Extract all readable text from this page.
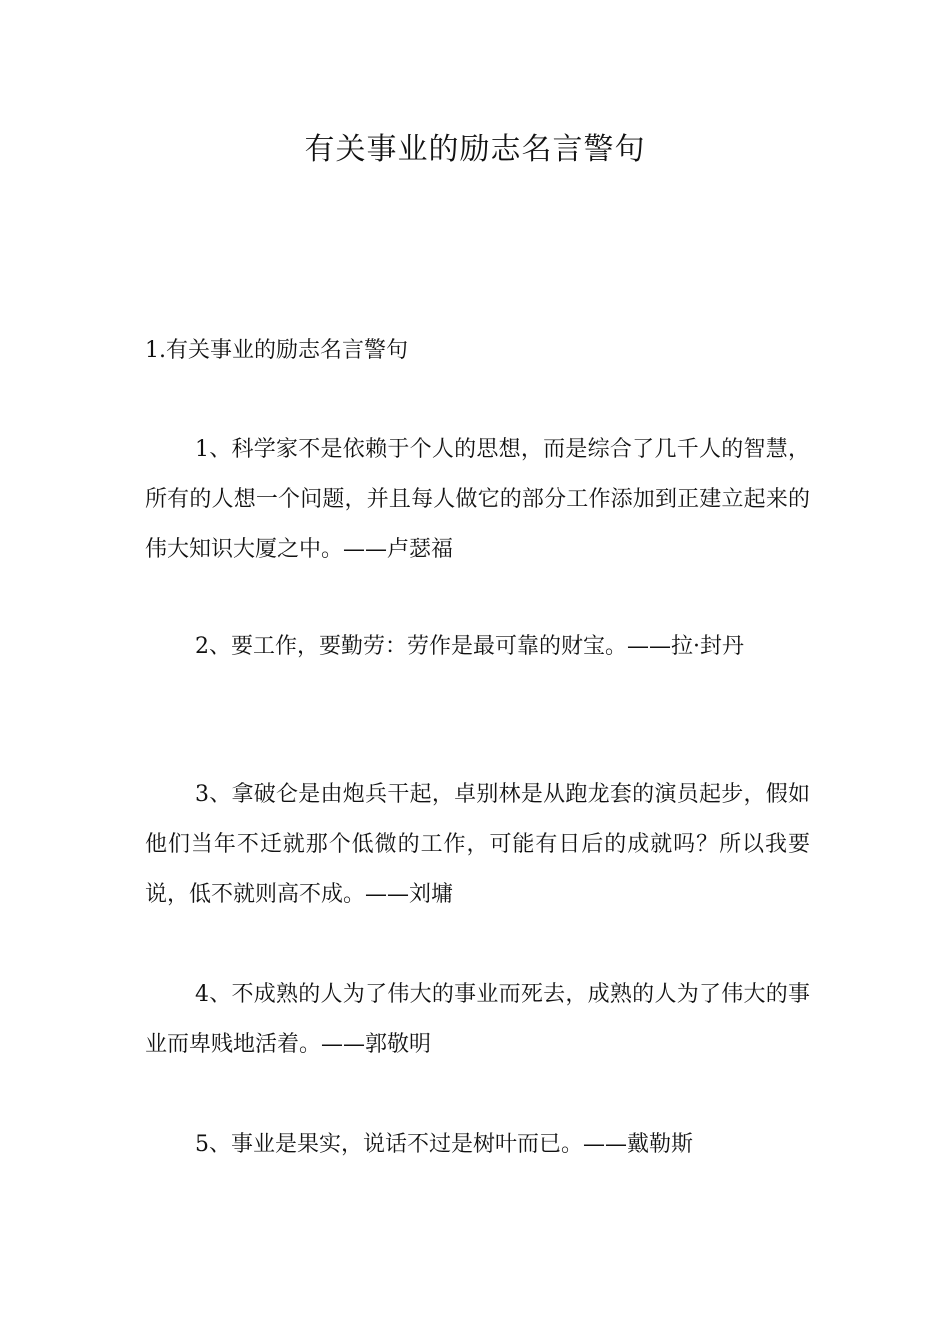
有关事业的励志名言警句
1.有关事业的励志名言警句

1、科学家不是依赖于个人的思想，而是综合了几千人的智慧，所有的人想一个问题，并且每人做它的部分工作添加到正建立起来的伟大知识大厦之中。——卢瑟福

2、要工作，要勤劳：劳作是最可靠的财宝。——拉·封丹

3、拿破仑是由炮兵干起，卓别林是从跑龙套的演员起步，假如他们当年不迁就那个低微的工作，可能有日后的成就吗？所以我要说，低不就则高不成。——刘墉

4、不成熟的人为了伟大的事业而死去，成熟的人为了伟大的事业而卑贱地活着。——郭敬明

5、事业是果实，说话不过是树叶而已。——戴勒斯
